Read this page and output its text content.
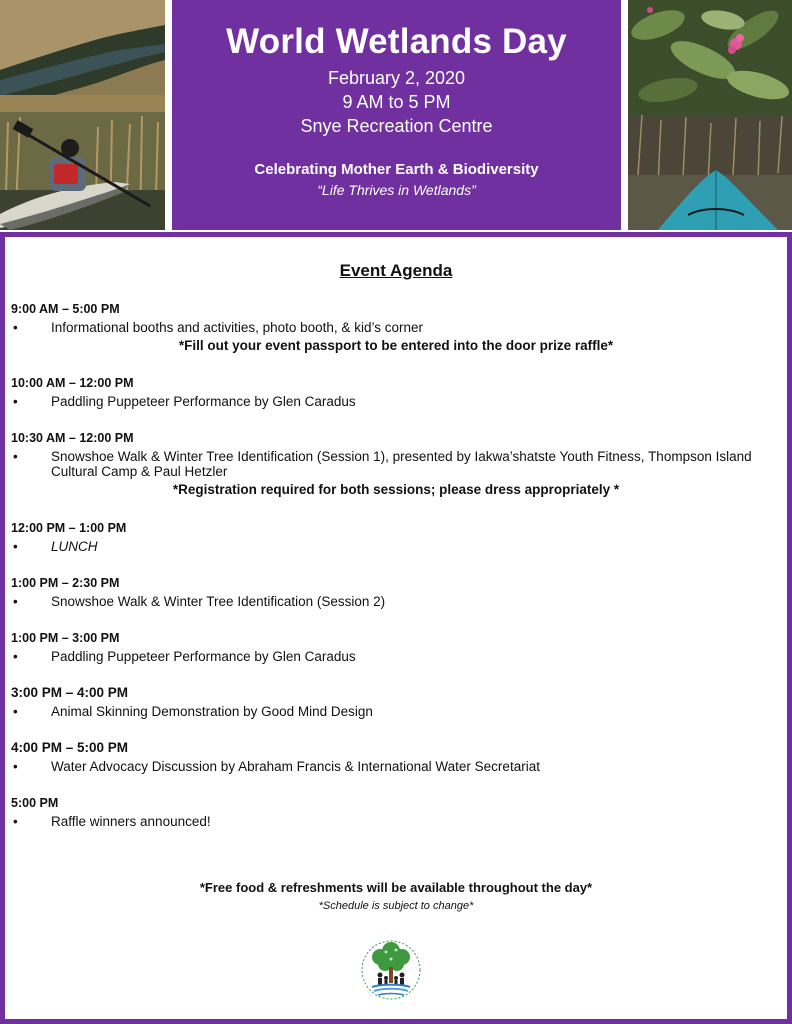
World Wetlands Day
February 2, 2020
9 AM to 5 PM
Snye Recreation Centre
Celebrating Mother Earth & Biodiversity
“Life Thrives in Wetlands”
Event Agenda
9:00 AM – 5:00 PM
•	Informational booths and activities, photo booth, & kid’s corner
*Fill out your event passport to be entered into the door prize raffle*
10:00 AM – 12:00 PM
•	Paddling Puppeteer Performance by Glen Caradus
10:30 AM – 12:00 PM
•	Snowshoe Walk & Winter Tree Identification (Session 1), presented by Iakwa’shatste Youth Fitness, Thompson Island Cultural Camp & Paul Hetzler
*Registration required for both sessions; please dress appropriately *
12:00 PM – 1:00 PM
•	LUNCH
1:00 PM – 2:30 PM
•	Snowshoe Walk & Winter Tree Identification (Session 2)
1:00 PM – 3:00 PM
•	Paddling Puppeteer Performance by Glen Caradus
3:00 PM – 4:00 PM
•	Animal Skinning Demonstration by Good Mind Design
4:00 PM – 5:00 PM
•	Water Advocacy Discussion by Abraham Francis & International Water Secretariat
5:00 PM
•	Raffle winners announced!
*Free food & refreshments will be available throughout the day*
*Schedule is subject to change*
